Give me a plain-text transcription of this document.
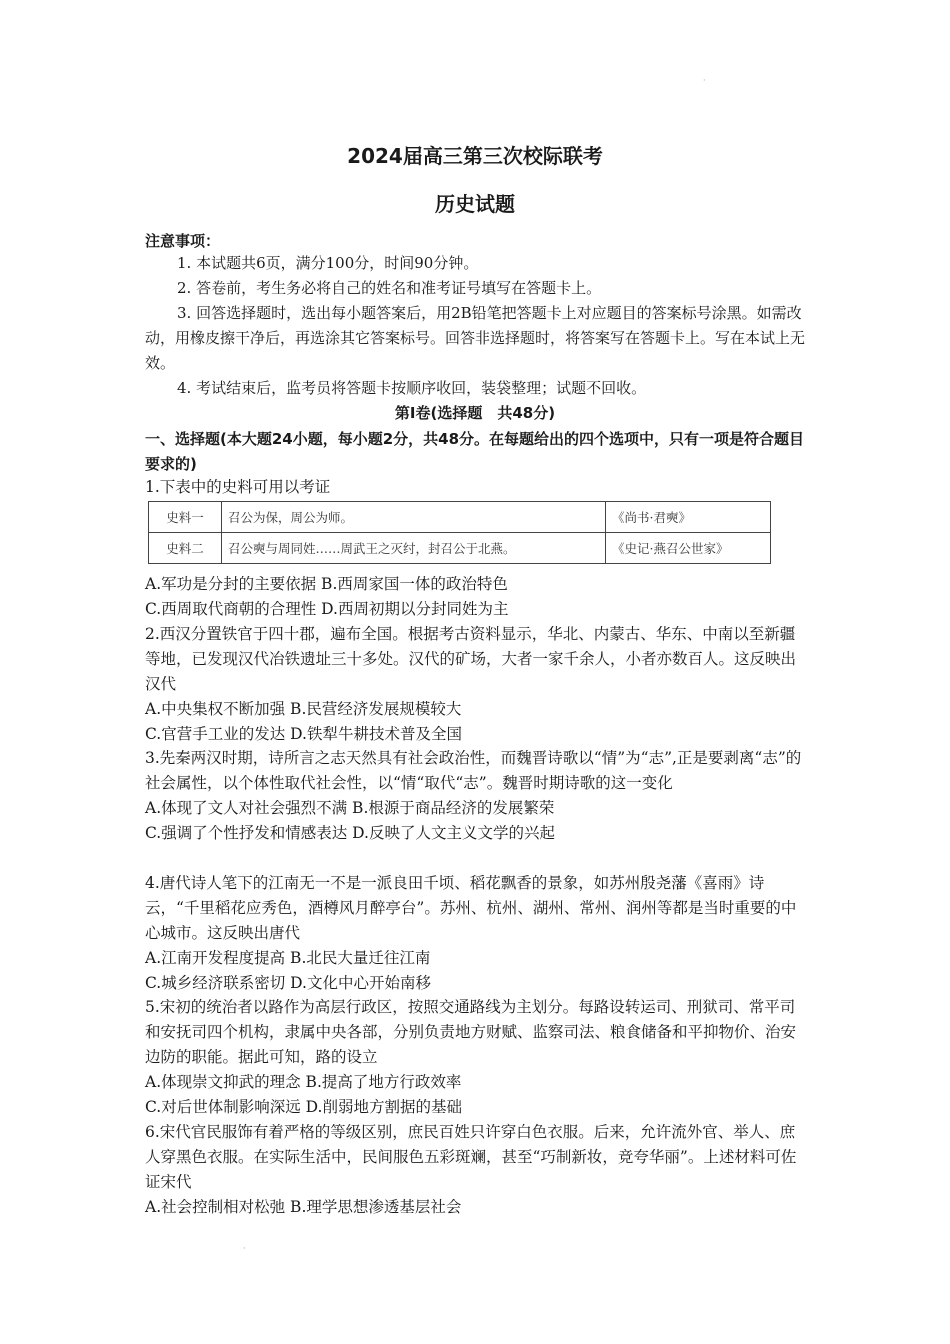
·
2024届高三第三次校际联考
历史试题
注意事项：
1. 本试题共6页，满分100分，时间90分钟。
2. 答卷前，考生务必将自己的姓名和准考证号填写在答题卡上。
3. 回答选择题时，选出每小题答案后，用2B铅笔把答题卡上对应题目的答案标号涂黑。如需改动，用橡皮擦干净后，再选涂其它答案标号。回答非选择题时，将答案写在答题卡上。写在本试上无效。
4. 考试结束后，监考员将答题卡按顺序收回，装袋整理；试题不回收。
第Ⅰ卷(选择题　共48分)
一、选择题(本大题24小题，每小题2分，共48分。在每题给出的四个选项中，只有一项是符合题目要求的)
1.下表中的史料可用以考证
史料一	召公为保，周公为师。	《尚书·君奭》
史料二	召公奭与周同姓……周武王之灭纣，封召公于北燕。	《史记·燕召公世家》

A.军功是分封的主要依据 B.西周家国一体的政治特色

C.西周取代商朝的合理性 D.西周初期以分封同姓为主

2.西汉分置铁官于四十郡，遍布全国。根据考古资料显示，华北、内蒙古、华东、中南以至新疆等地，已发现汉代冶铁遗址三十多处。汉代的矿场，大者一家千余人，小者亦数百人。这反映出汉代

A.中央集权不断加强 B.民营经济发展规模较大

C.官营手工业的发达 D.铁犁牛耕技术普及全国

3.先秦两汉时期，诗所言之志天然具有社会政治性，而魏晋诗歌以“情”为“志”,正是要剥离“志”的社会属性，以个体性取代社会性，以“情“取代“志”。魏晋时期诗歌的这一变化

A.体现了文人对社会强烈不满 B.根源于商品经济的发展繁荣

C.强调了个性抒发和情感表达 D.反映了人文主义文学的兴起

4.唐代诗人笔下的江南无一不是一派良田千顷、稻花飘香的景象，如苏州殷尧藩《喜雨》诗云，“千里稻花应秀色，酒樽风月醉亭台”。苏州、杭州、湖州、常州、润州等都是当时重要的中心城市。这反映出唐代

A.江南开发程度提高 B.北民大量迁往江南

C.城乡经济联系密切 D.文化中心开始南移

5.宋初的统治者以路作为高层行政区，按照交通路线为主划分。每路设转运司、刑狱司、常平司和安抚司四个机构，隶属中央各部，分别负责地方财赋、监察司法、粮食储备和平抑物价、治安边防的职能。据此可知，路的设立

A.体现崇文抑武的理念 B.提高了地方行政效率

C.对后世体制影响深远 D.削弱地方割据的基础

6.宋代官民服饰有着严格的等级区别，庶民百姓只许穿白色衣服。后来，允许流外官、举人、庶人穿黑色衣服。在实际生活中，民间服色五彩斑斓，甚至“巧制新妆，竞夸华丽”。上述材料可佐证宋代

A.社会控制相对松弛 B.理学思想渗透基层社会

·
